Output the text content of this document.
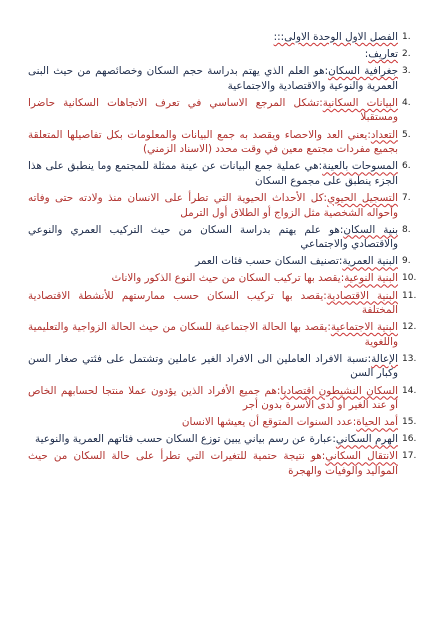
1.
الفصل الاول الوحدة الاولى:::
2.
تعاريف:
3.
جغرافية السكان:هو العلم الذي يهتم بدراسة حجم السكان وخصائصهم من حيث البنى العمرية والنوعية والاقتصادية والاجتماعية
4.
البيانات السكانية:تشكل المرجع الاساسي في تعرف الاتجاهات السكانية حاضرا ومستقبلا
5.
التعداد:يعني العد والاحصاء ويقصد به جمع البيانات والمعلومات بكل تفاصيلها المتعلقة بجميع مفردات مجتمع معين في وقت محدد (الاسناد الزمني)
6.
المسوحات بالعينة:هي عملية جمع البيانات عن عينة ممثلة للمجتمع وما ينطبق على هذا الجزء ينطبق على مجموع السكان
7.
التسجيل الحيوي:كل الأحداث الحيوية التي تطرأ على الانسان منذ ولادته حتى وفاته وأحواله الشخصية مثل الزواج أو الطلاق أول الترمل
8.
بنية السكان:هو علم يهتم بدراسة السكان من حيث التركيب العمري والنوعي والاقتصادي والاجتماعي
9.
البنية العمرية:تصنيف السكان حسب فئات العمر
10.
البنية النوعية:يقصد بها تركيب السكان من حيث النوع الذكور والاناث
11.
البنية الاقتصادية:يقصد بها تركيب السكان حسب ممارستهم للأنشطة الاقتصادية المختلفة
12.
البنية الاجتماعية:يقصد بها الحالة الاجتماعية للسكان من حيث الحالة الزواجية والتعليمية واللغوية
13.
الإعالة:نسبة الافراد العاملين الى الافراد الغير عاملين وتشتمل على فئتي صغار السن وكبار السن
14.
السكان النشيطون اقتصاديا:هم جميع الأفراد الذين يؤدون عملا منتجا لحسابهم الخاص أو عند الغير أو لدى الأسرة بدون أجر
15.
أمد الحياة:عدد السنوات المتوقع أن يعيشها الانسان
16.
الهرم السكاني:عبارة عن رسم بياني يبين توزع السكان حسب فئاتهم العمرية والنوعية
17.
الانتقال السكاني:هو نتيجة حتمية للتغيرات التي تطرأ على حالة السكان من حيث المواليد والوفيات والهجرة
